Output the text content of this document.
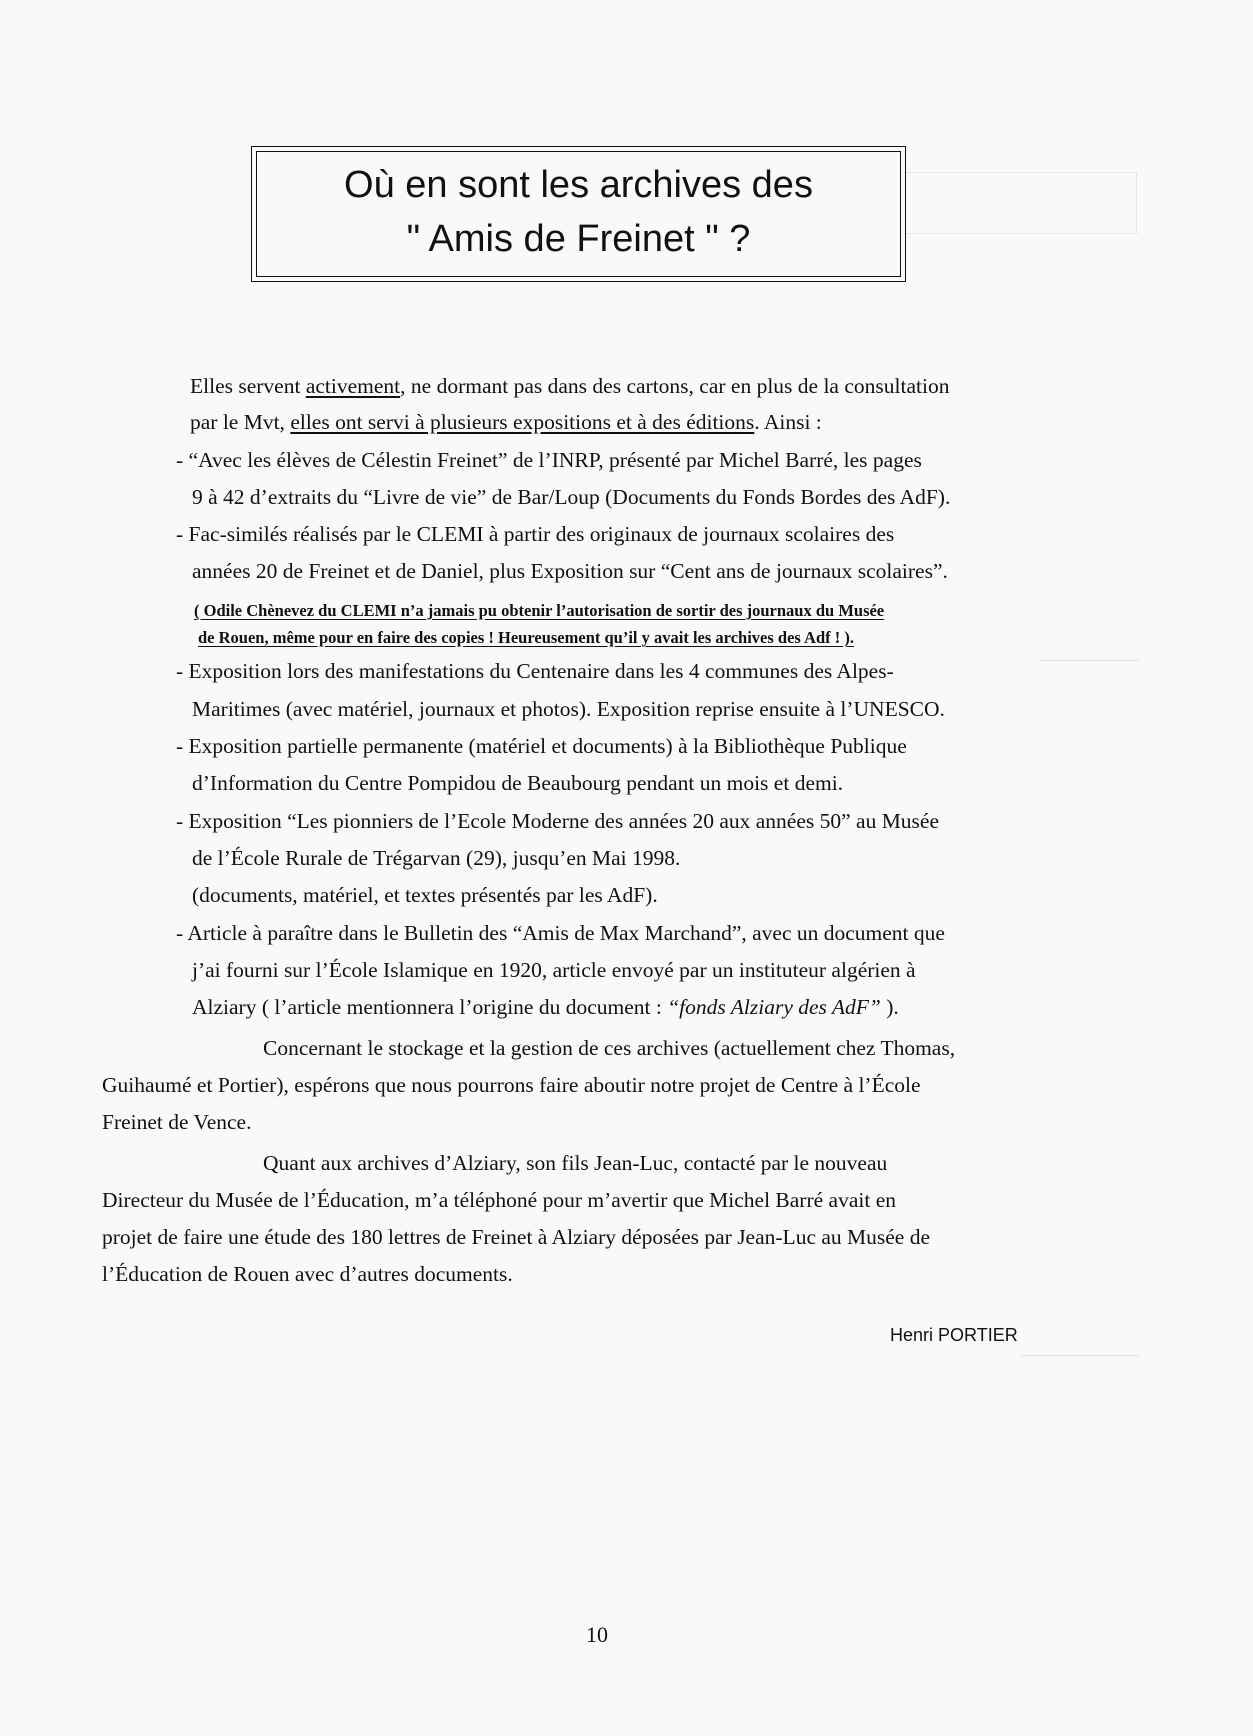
Où en sont les archives des
" Amis de Freinet " ?
Elles servent activement, ne dormant pas dans des cartons, car en plus de la consultation
par le Mvt, elles ont servi à plusieurs expositions et à des éditions. Ainsi :
- “Avec les élèves de Célestin Freinet” de l’INRP, présenté par Michel Barré, les pages
9 à 42 d’extraits du “Livre de vie” de Bar/Loup (Documents du Fonds Bordes des AdF).
- Fac-similés réalisés par le CLEMI à partir des originaux de journaux scolaires des
années 20 de Freinet et de Daniel, plus Exposition sur “Cent ans de journaux scolaires”.
( Odile Chènevez du CLEMI n’a jamais pu obtenir l’autorisation de sortir des journaux du Musée
de Rouen, même pour en faire des copies ! Heureusement qu’il y avait les archives des Adf ! ).
- Exposition lors des manifestations du Centenaire dans les 4 communes des Alpes-
Maritimes (avec matériel, journaux et photos). Exposition reprise ensuite à l’UNESCO.
- Exposition partielle permanente (matériel et documents) à la Bibliothèque Publique
d’Information du Centre Pompidou de Beaubourg pendant un mois et demi.
- Exposition “Les pionniers de l’Ecole Moderne des années 20 aux années 50” au Musée
de l’École Rurale de Trégarvan (29), jusqu’en Mai 1998.
(documents, matériel, et textes présentés par les AdF).
- Article à paraître dans le Bulletin des “Amis de Max Marchand”, avec un document que
j’ai fourni sur l’École Islamique en 1920, article envoyé par un instituteur algérien à
Alziary ( l’article mentionnera l’origine du document : “fonds Alziary des AdF” ).
Concernant le stockage et la gestion de ces archives (actuellement chez Thomas,
Guihaumé et Portier), espérons que nous pourrons faire aboutir notre projet de Centre à l’École
Freinet de Vence.
Quant aux archives d’Alziary, son fils Jean-Luc, contacté par le nouveau
Directeur du Musée de l’Éducation, m’a téléphoné pour m’avertir que Michel Barré avait en
projet de faire une étude des 180 lettres de Freinet à Alziary déposées par Jean-Luc au Musée de
l’Éducation de Rouen avec d’autres documents.
Henri PORTIER
10
